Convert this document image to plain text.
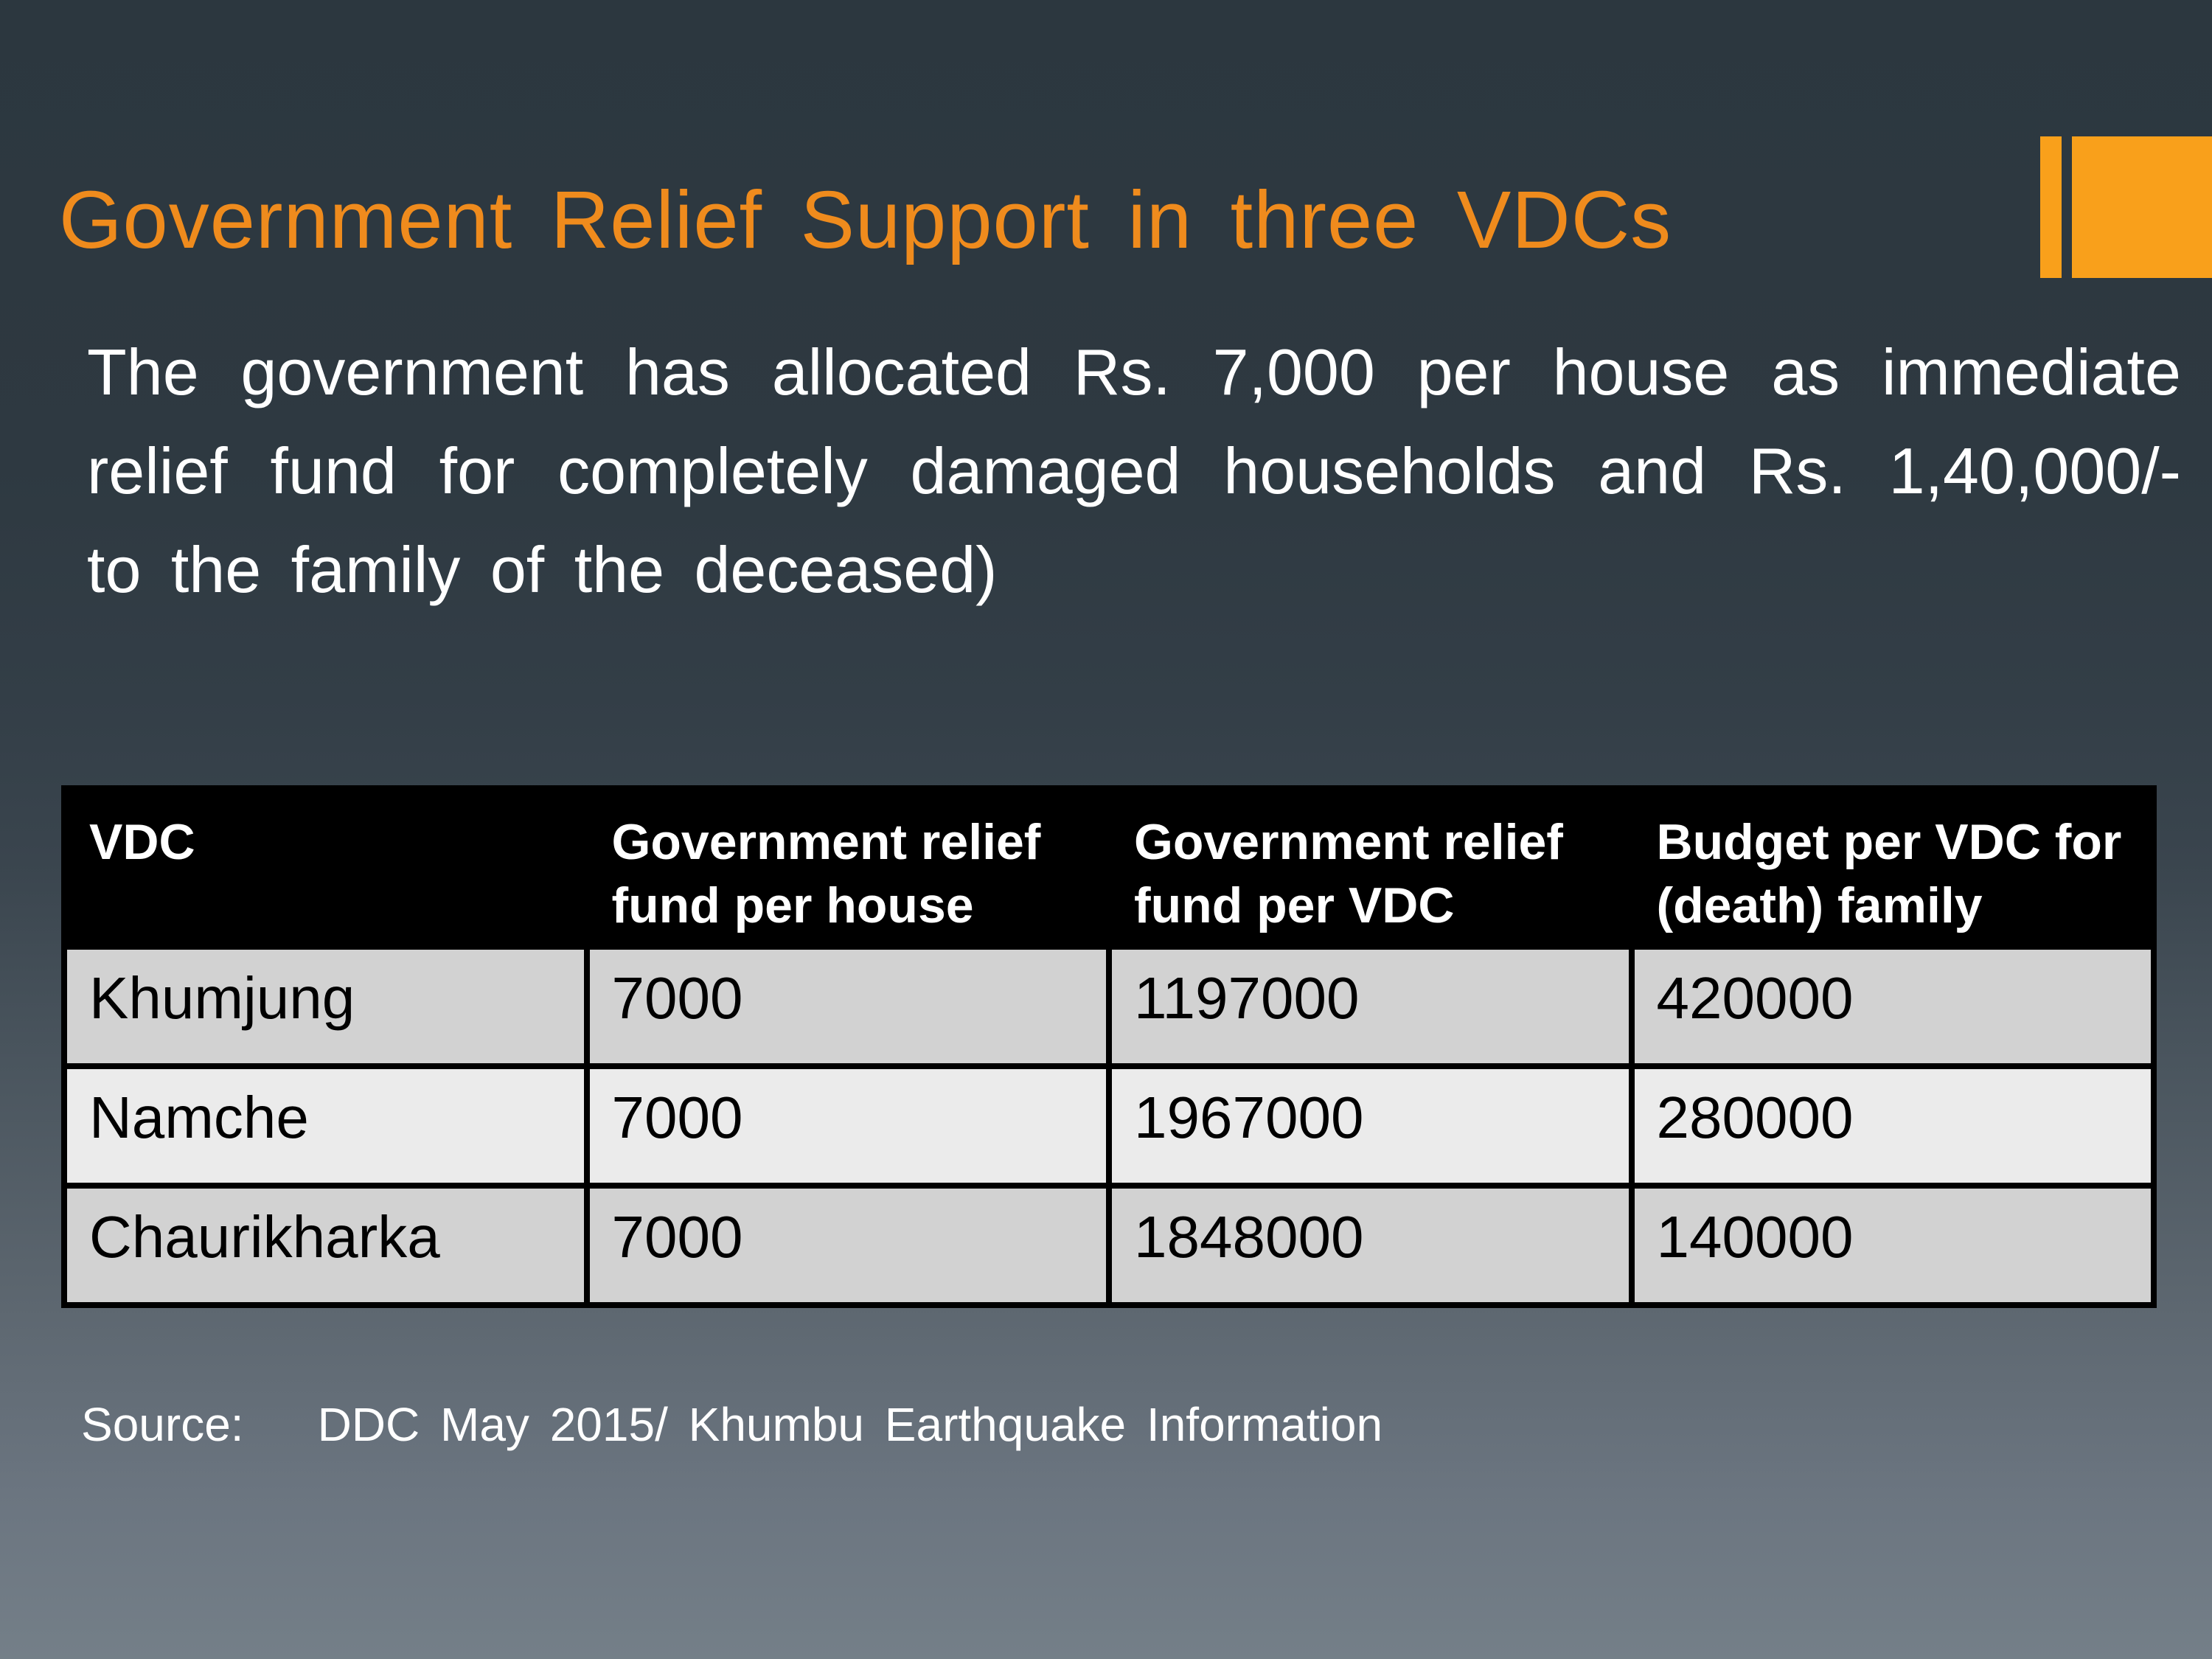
Government Relief Support in three VDCs
The government has allocated Rs. 7,000 per house as immediate
relief fund for completely damaged households and Rs. 1,40,000/-
to the family of the deceased)
VDC	Government relief fund per house	Government relief fund per VDC	Budget per VDC for (death) family
Khumjung	7000	1197000	420000
Namche	7000	1967000	280000
Chaurikharka	7000	1848000	140000
Source: DDC May 2015/ Khumbu Earthquake Information
